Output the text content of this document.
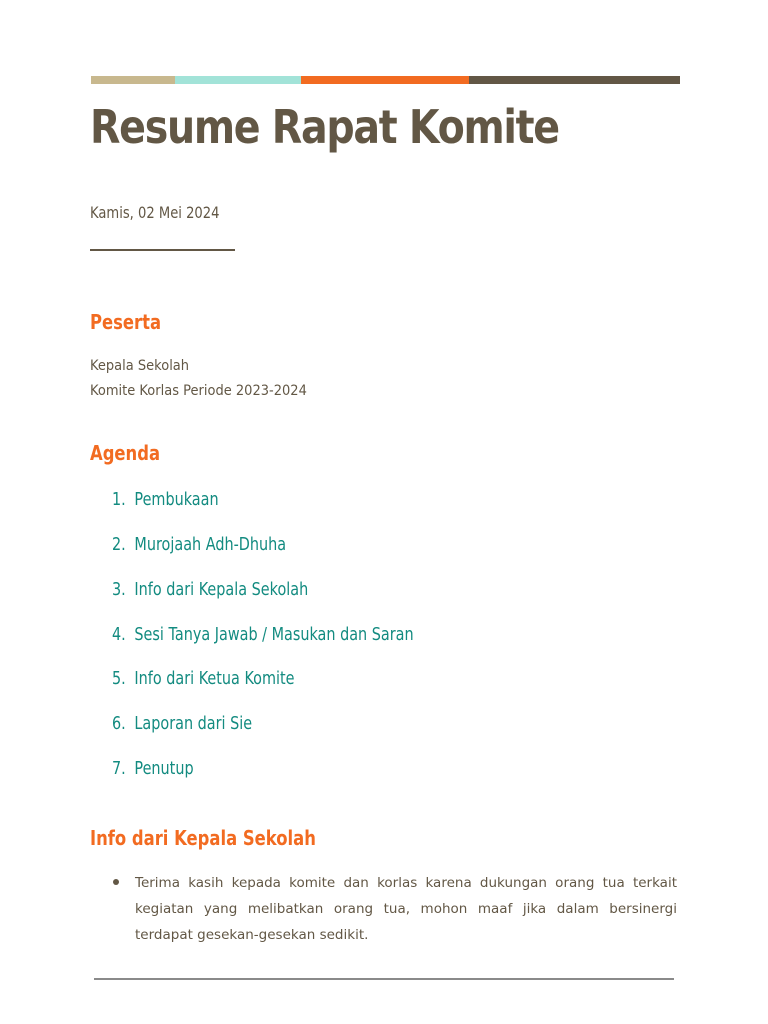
Resume Rapat Komite

Kamis, 02 Mei 2024

Peserta
Kepala Sekolah
Komite Korlas Periode 2023-2024
Agenda
1. Pembukaan
2. Murojaah Adh-Dhuha
3. Info dari Kepala Sekolah
4. Sesi Tanya Jawab / Masukan dan Saran
5. Info dari Ketua Komite
6. Laporan dari Sie
7. Penutup
Info dari Kepala Sekolah
Terima kasih kepada komite dan korlas karena dukungan orang tua terkait kegiatan yang melibatkan orang tua, mohon maaf jika dalam bersinergi terdapat gesekan-gesekan sedikit.
